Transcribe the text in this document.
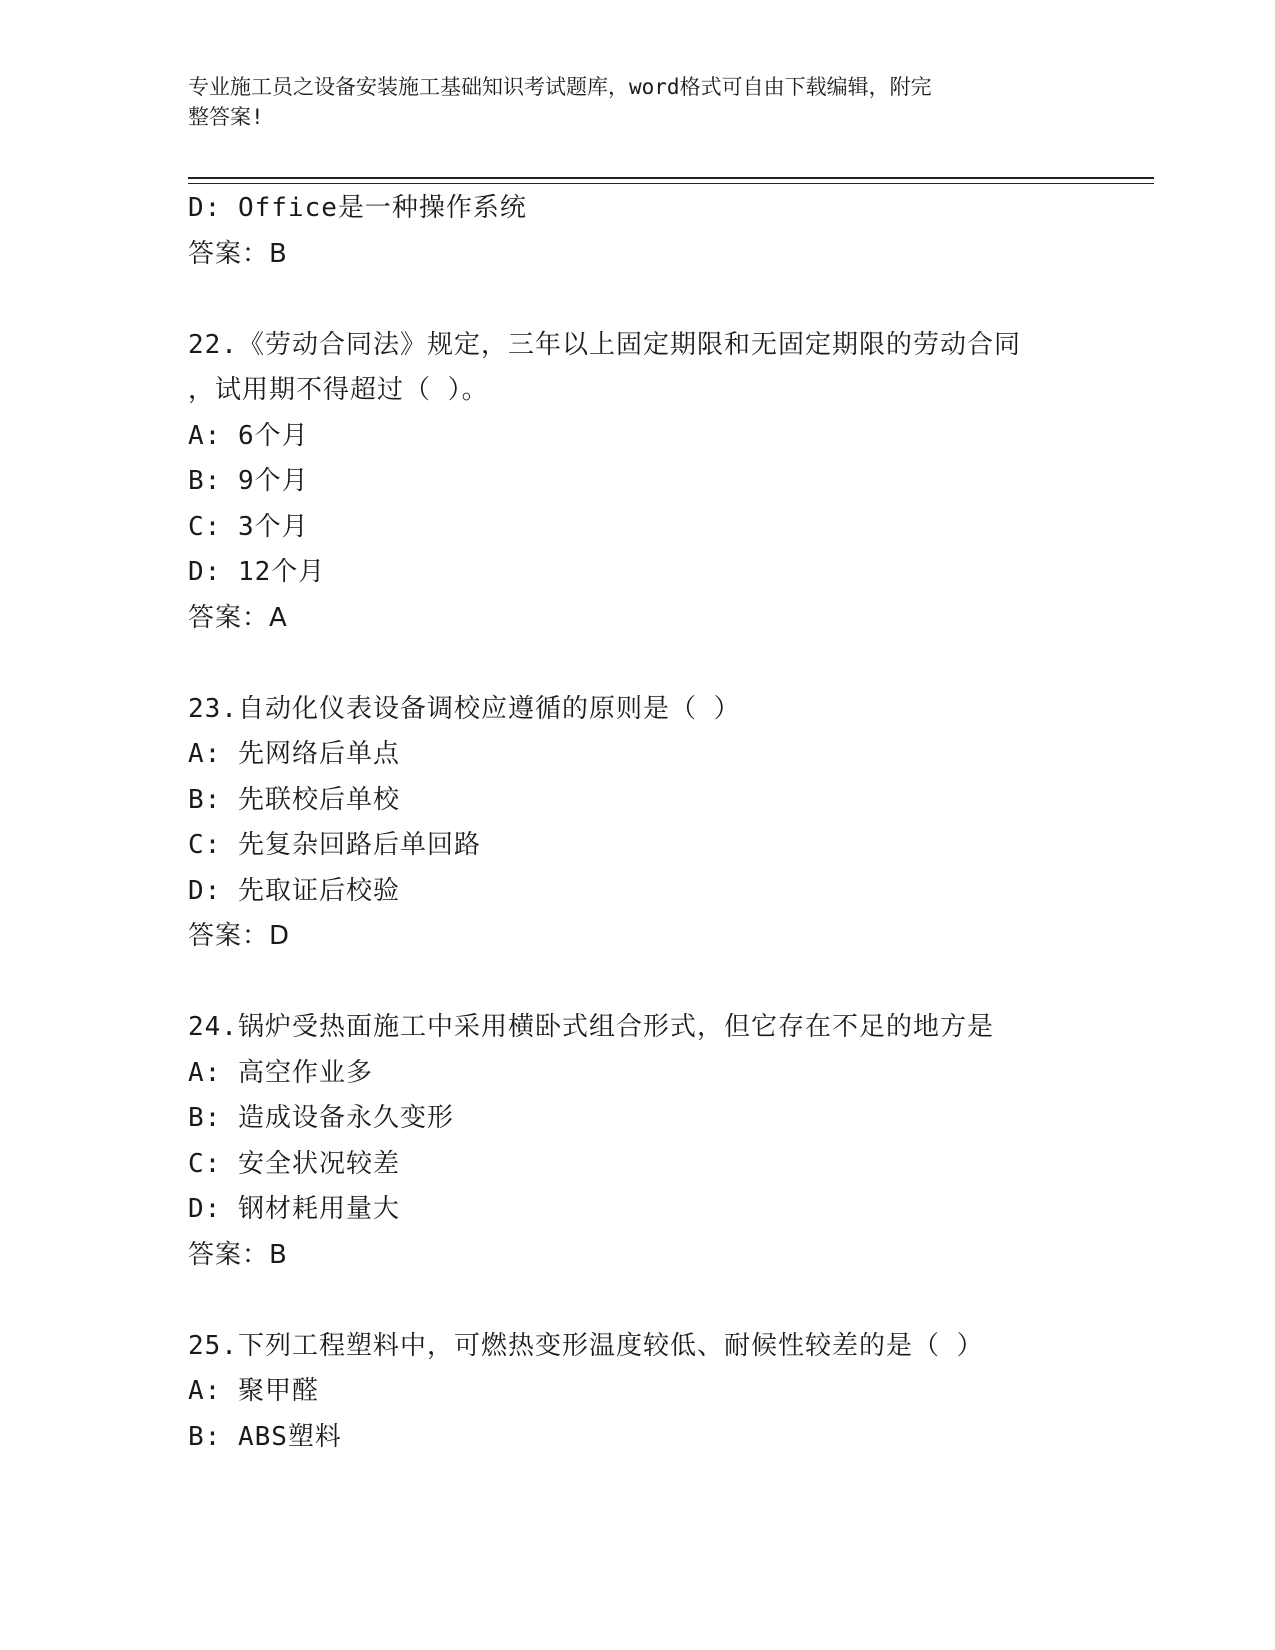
专业施工员之设备安装施工基础知识考试题库，word格式可自由下载编辑，附完
整答案!
D: Office是一种操作系统
答案：B
22.《劳动合同法》规定，三年以上固定期限和无固定期限的劳动合同
，试用期不得超过（ ）。
A: 6个月
B: 9个月
C: 3个月
D: 12个月
答案：A
23.自动化仪表设备调校应遵循的原则是（ ）
A: 先网络后单点
B: 先联校后单校
C: 先复杂回路后单回路
D: 先取证后校验
答案：D
24.锅炉受热面施工中采用横卧式组合形式，但它存在不足的地方是
A: 高空作业多
B: 造成设备永久变形
C: 安全状况较差
D: 钢材耗用量大
答案：B
25.下列工程塑料中，可燃热变形温度较低、耐候性较差的是（ ）
A: 聚甲醛
B: ABS塑料
